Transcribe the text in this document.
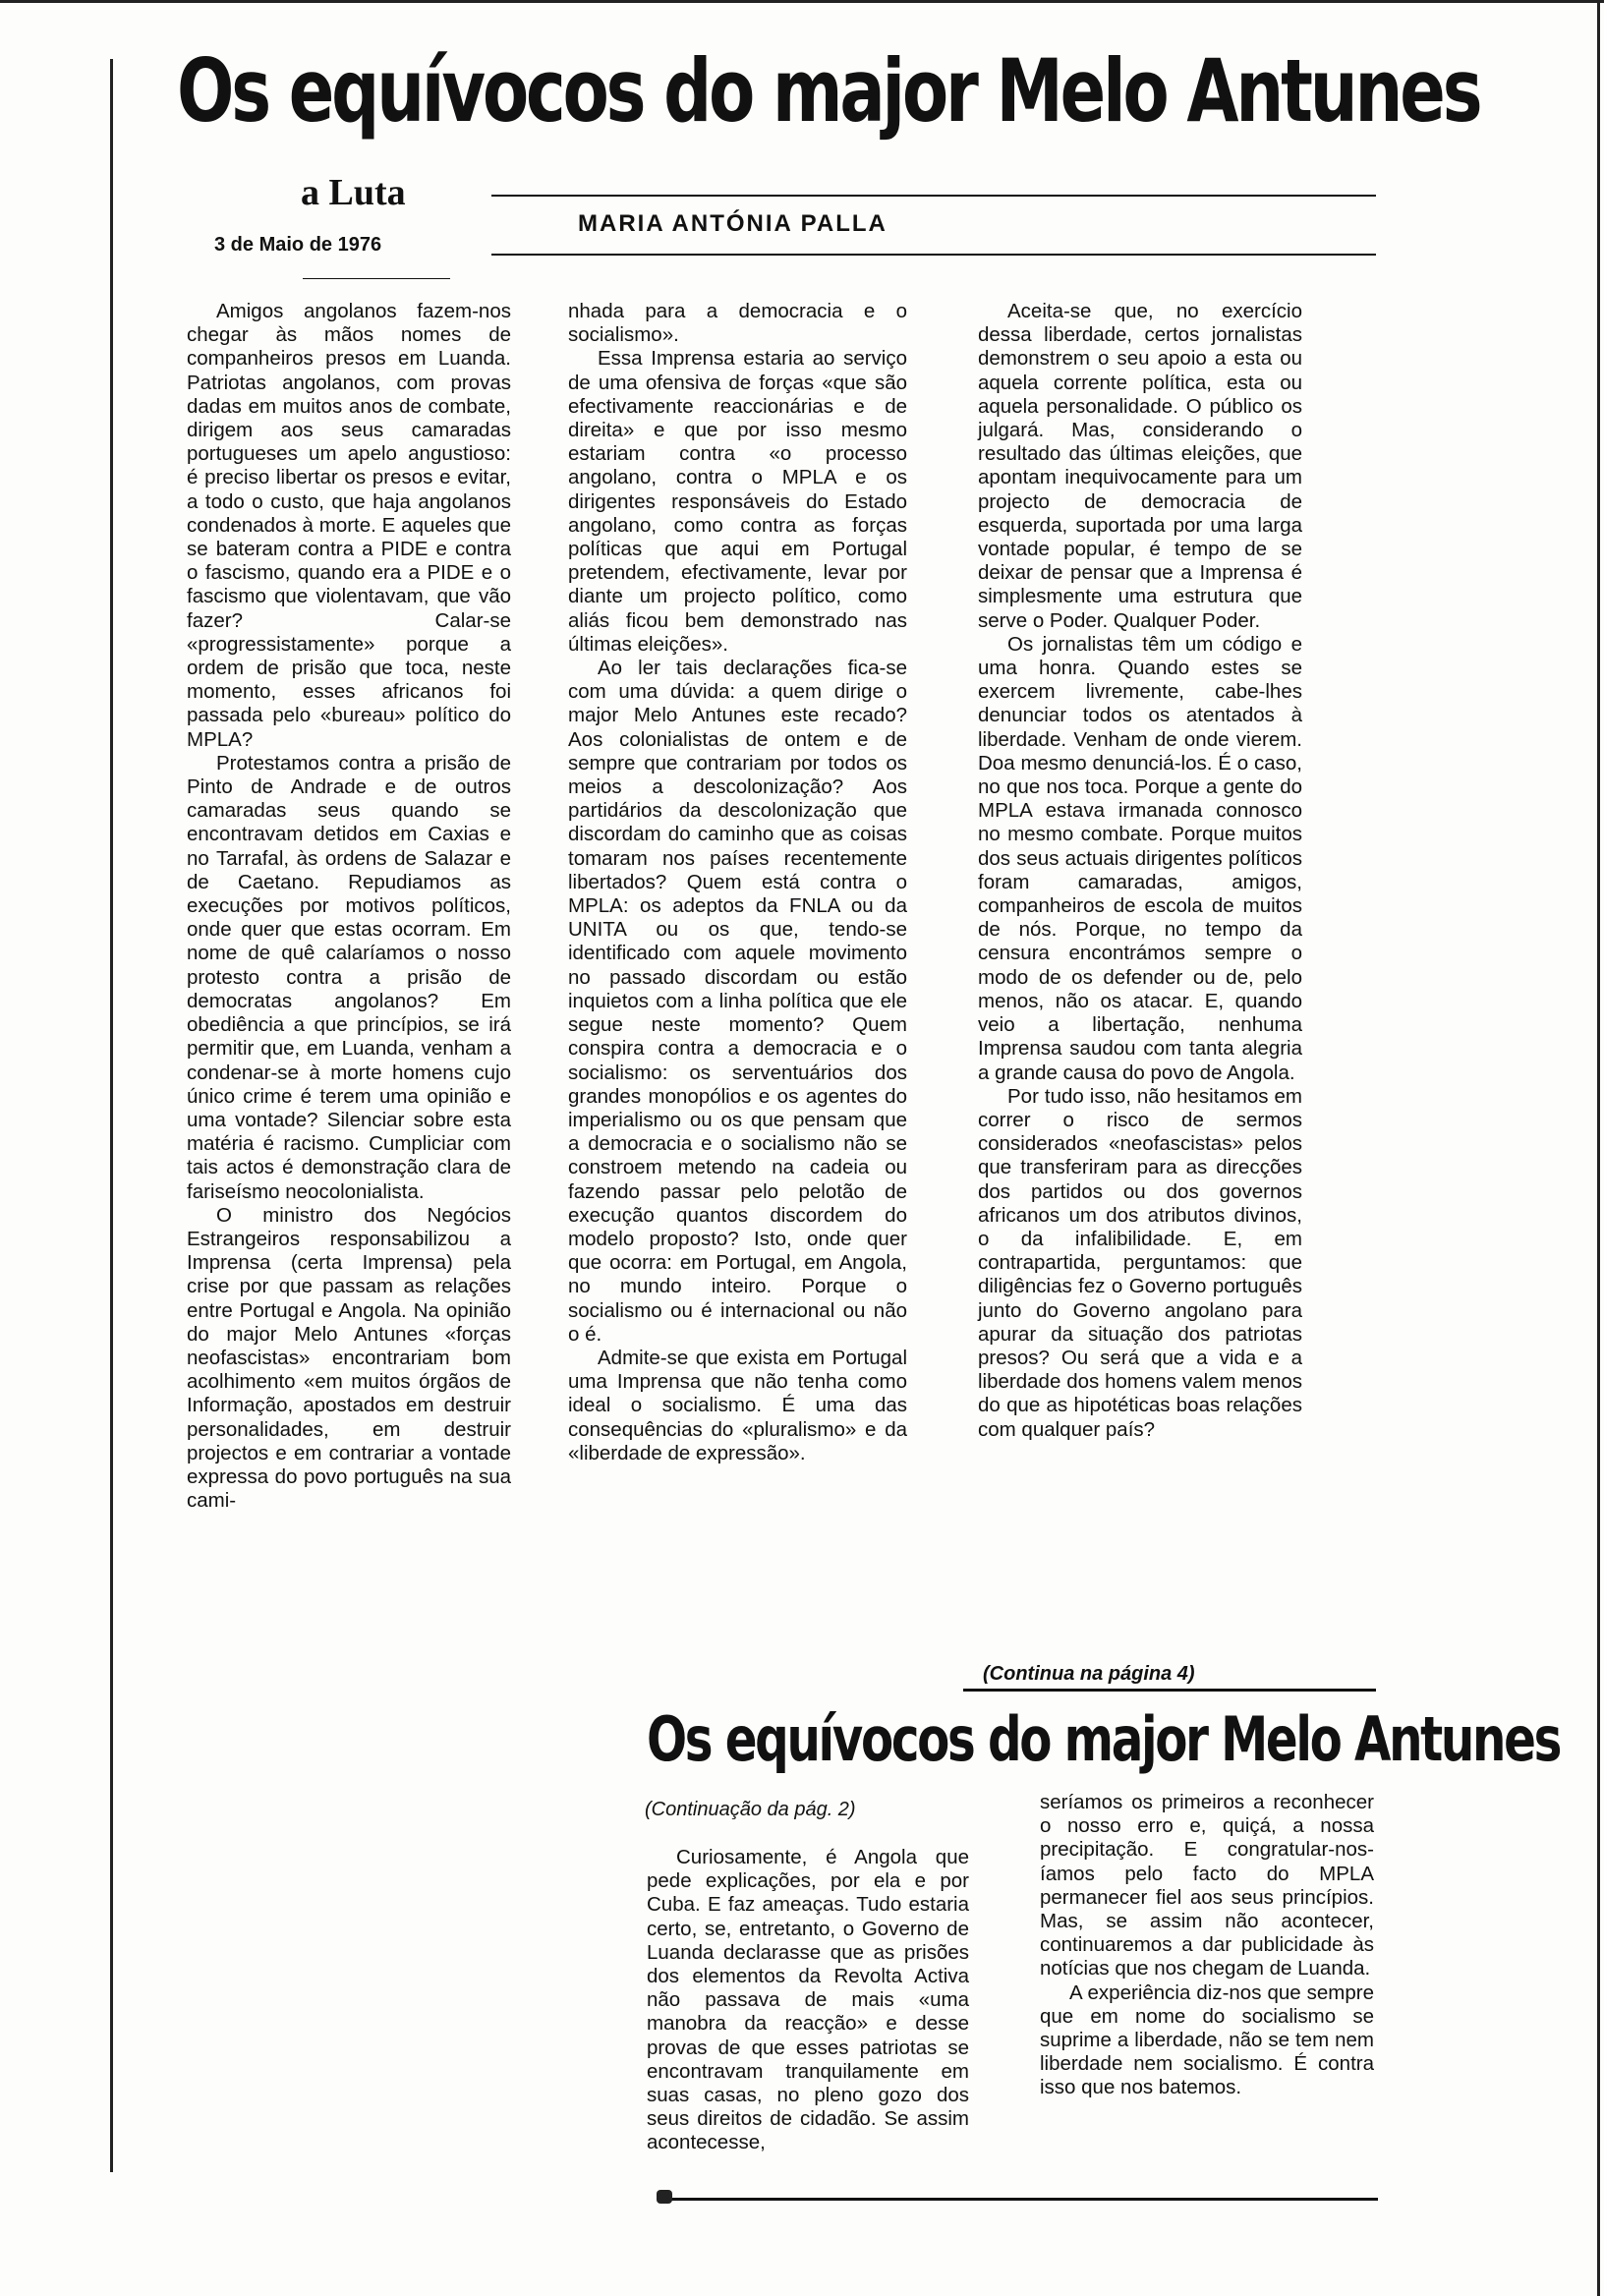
Os equívocos do major Melo Antunes
a Luta
3 de Maio de 1976
MARIA ANTÓNIA PALLA

Amigos angolanos fazem-nos chegar às mãos nomes de companheiros presos em Luanda. Patriotas angolanos, com provas dadas em muitos anos de combate, dirigem aos seus camaradas portugueses um apelo angustioso: é preciso libertar os presos e evitar, a todo o custo, que haja angolanos condenados à morte. E aqueles que se bateram contra a PIDE e contra o fascismo, quando era a PIDE e o fascismo que violentavam, que vão fazer? Calar-se «progressistamente» porque a ordem de prisão que toca, neste momento, esses africanos foi passada pelo «bureau» político do MPLA?

Protestamos contra a prisão de Pinto de Andrade e de outros camaradas seus quando se encontravam detidos em Caxias e no Tarrafal, às ordens de Salazar e de Caetano. Repudiamos as execuções por motivos políticos, onde quer que estas ocorram. Em nome de quê calaríamos o nosso protesto contra a prisão de democratas angolanos? Em obediência a que princípios, se irá permitir que, em Luanda, venham a condenar-se à morte homens cujo único crime é terem uma opinião e uma vontade? Silenciar sobre esta matéria é racismo. Cumpliciar com tais actos é demonstração clara de fariseísmo neocolonialista.

O ministro dos Negócios Estrangeiros responsabilizou a Imprensa (certa Imprensa) pela crise por que passam as relações entre Portugal e Angola. Na opinião do major Melo Antunes «forças neofascistas» encontrariam bom acolhimento «em muitos órgãos de Informação, apostados em destruir personalidades, em destruir projectos e em contrariar a vontade expressa do povo português na sua cami-

nhada para a democracia e o socialismo».

Essa Imprensa estaria ao serviço de uma ofensiva de forças «que são efectivamente reaccionárias e de direita» e que por isso mesmo estariam contra «o processo angolano, contra o MPLA e os dirigentes responsáveis do Estado angolano, como contra as forças políticas que aqui em Portugal pretendem, efectivamente, levar por diante um projecto político, como aliás ficou bem demonstrado nas últimas eleições».

Ao ler tais declarações fica-se com uma dúvida: a quem dirige o major Melo Antunes este recado? Aos colonialistas de ontem e de sempre que contrariam por todos os meios a descolonização? Aos partidários da descolonização que discordam do caminho que as coisas tomaram nos países recentemente libertados? Quem está contra o MPLA: os adeptos da FNLA ou da UNITA ou os que, tendo-se identificado com aquele movimento no passado discordam ou estão inquietos com a linha política que ele segue neste momento? Quem conspira contra a democracia e o socialismo: os serventuários dos grandes monopólios e os agentes do imperialismo ou os que pensam que a democracia e o socialismo não se constroem metendo na cadeia ou fazendo passar pelo pelotão de execução quantos discordem do modelo proposto? Isto, onde quer que ocorra: em Portugal, em Angola, no mundo inteiro. Porque o socialismo ou é internacional ou não o é.

Admite-se que exista em Portugal uma Imprensa que não tenha como ideal o socialismo. É uma das consequências do «pluralismo» e da «liberdade de expressão».

Aceita-se que, no exercício dessa liberdade, certos jornalistas demonstrem o seu apoio a esta ou aquela corrente política, esta ou aquela personalidade. O público os julgará. Mas, considerando o resultado das últimas eleições, que apontam inequivocamente para um projecto de democracia de esquerda, suportada por uma larga vontade popular, é tempo de se deixar de pensar que a Imprensa é simplesmente uma estrutura que serve o Poder. Qualquer Poder.

Os jornalistas têm um código e uma honra. Quando estes se exercem livremente, cabe-lhes denunciar todos os atentados à liberdade. Venham de onde vierem. Doa mesmo denunciá-los. É o caso, no que nos toca. Porque a gente do MPLA estava irmanada connosco no mesmo combate. Porque muitos dos seus actuais dirigentes políticos foram camaradas, amigos, companheiros de escola de muitos de nós. Porque, no tempo da censura encontrámos sempre o modo de os defender ou de, pelo menos, não os atacar. E, quando veio a libertação, nenhuma Imprensa saudou com tanta alegria a grande causa do povo de Angola.

Por tudo isso, não hesitamos em correr o risco de sermos considerados «neofascistas» pelos que transferiram para as direcções dos partidos ou dos governos africanos um dos atributos divinos, o da infalibilidade. E, em contrapartida, perguntamos: que diligências fez o Governo português junto do Governo angolano para apurar da situação dos patriotas presos? Ou será que a vida e a liberdade dos homens valem menos do que as hipotéticas boas relações com qualquer país?

(Continua na página 4)
Os equívocos do major Melo Antunes
(Continuação da pág. 2)

Curiosamente, é Angola que pede explicações, por ela e por Cuba. E faz ameaças. Tudo estaria certo, se, entretanto, o Governo de Luanda declarasse que as prisões dos elementos da Revolta Activa não passava de mais «uma manobra da reacção» e desse provas de que esses patriotas se encontravam tranquilamente em suas casas, no pleno gozo dos seus direitos de cidadão. Se assim acontecesse,

seríamos os primeiros a reconhecer o nosso erro e, quiçá, a nossa precipitação. E congratular-nos-íamos pelo facto do MPLA permanecer fiel aos seus princípios. Mas, se assim não acontecer, continuaremos a dar publicidade às notícias que nos chegam de Luanda.

A experiência diz-nos que sempre que em nome do socialismo se suprime a liberdade, não se tem nem liberdade nem socialismo. É contra isso que nos batemos.
